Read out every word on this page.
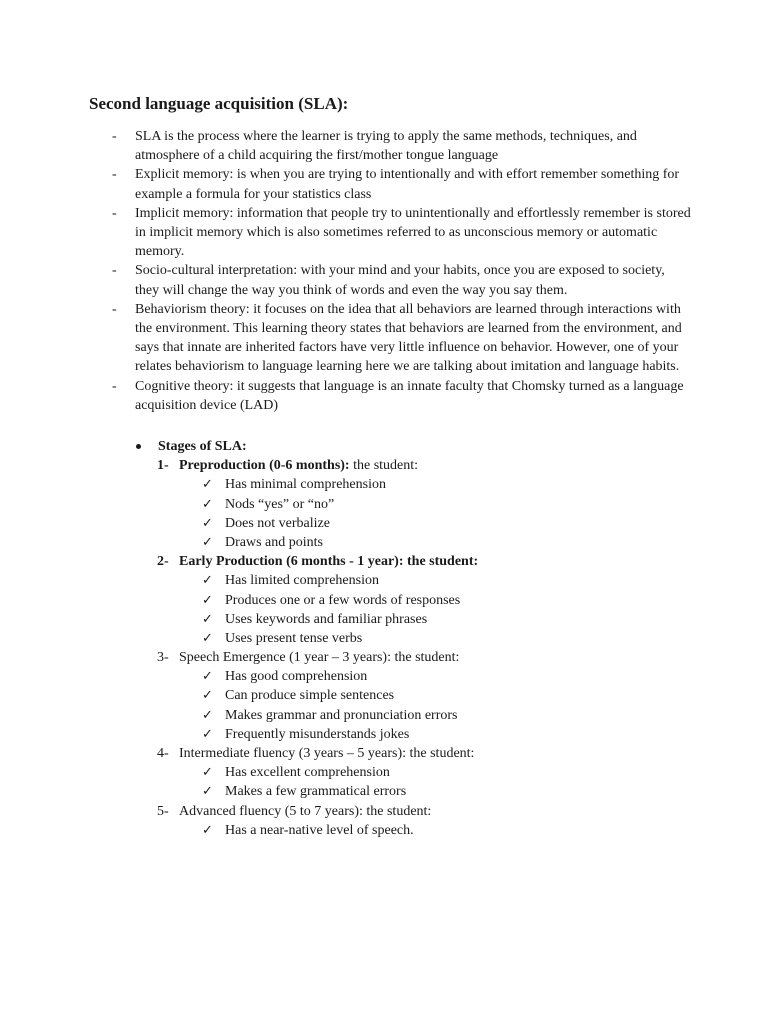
Second language acquisition (SLA):
- SLA is the process where the learner is trying to apply the same methods, techniques, and atmosphere of a child acquiring the first/mother tongue language
- Explicit memory: is when you are trying to intentionally and with effort remember something for example a formula for your statistics class
- Implicit memory: information that people try to unintentionally and effortlessly remember is stored in implicit memory which is also sometimes referred to as unconscious memory or automatic memory.
- Socio-cultural interpretation: with your mind and your habits, once you are exposed to society, they will change the way you think of words and even the way you say them.
- Behaviorism theory: it focuses on the idea that all behaviors are learned through interactions with the environment. This learning theory states that behaviors are learned from the environment, and says that innate are inherited factors have very little influence on behavior. However, one of your relates behaviorism to language learning here we are talking about imitation and language habits.
- Cognitive theory: it suggests that language is an innate faculty that Chomsky turned as a language acquisition device (LAD)
Stages of SLA:
1- Preproduction (0-6 months): the student:
✓ Has minimal comprehension
✓ Nods “yes” or “no”
✓ Does not verbalize
✓ Draws and points
2- Early Production (6 months - 1 year): the student:
✓ Has limited comprehension
✓ Produces one or a few words of responses
✓ Uses keywords and familiar phrases
✓ Uses present tense verbs
3- Speech Emergence (1 year – 3 years): the student:
✓ Has good comprehension
✓ Can produce simple sentences
✓ Makes grammar and pronunciation errors
✓ Frequently misunderstands jokes
4- Intermediate fluency (3 years – 5 years): the student:
✓ Has excellent comprehension
✓ Makes a few grammatical errors
5- Advanced fluency (5 to 7 years): the student:
✓ Has a near-native level of speech.
